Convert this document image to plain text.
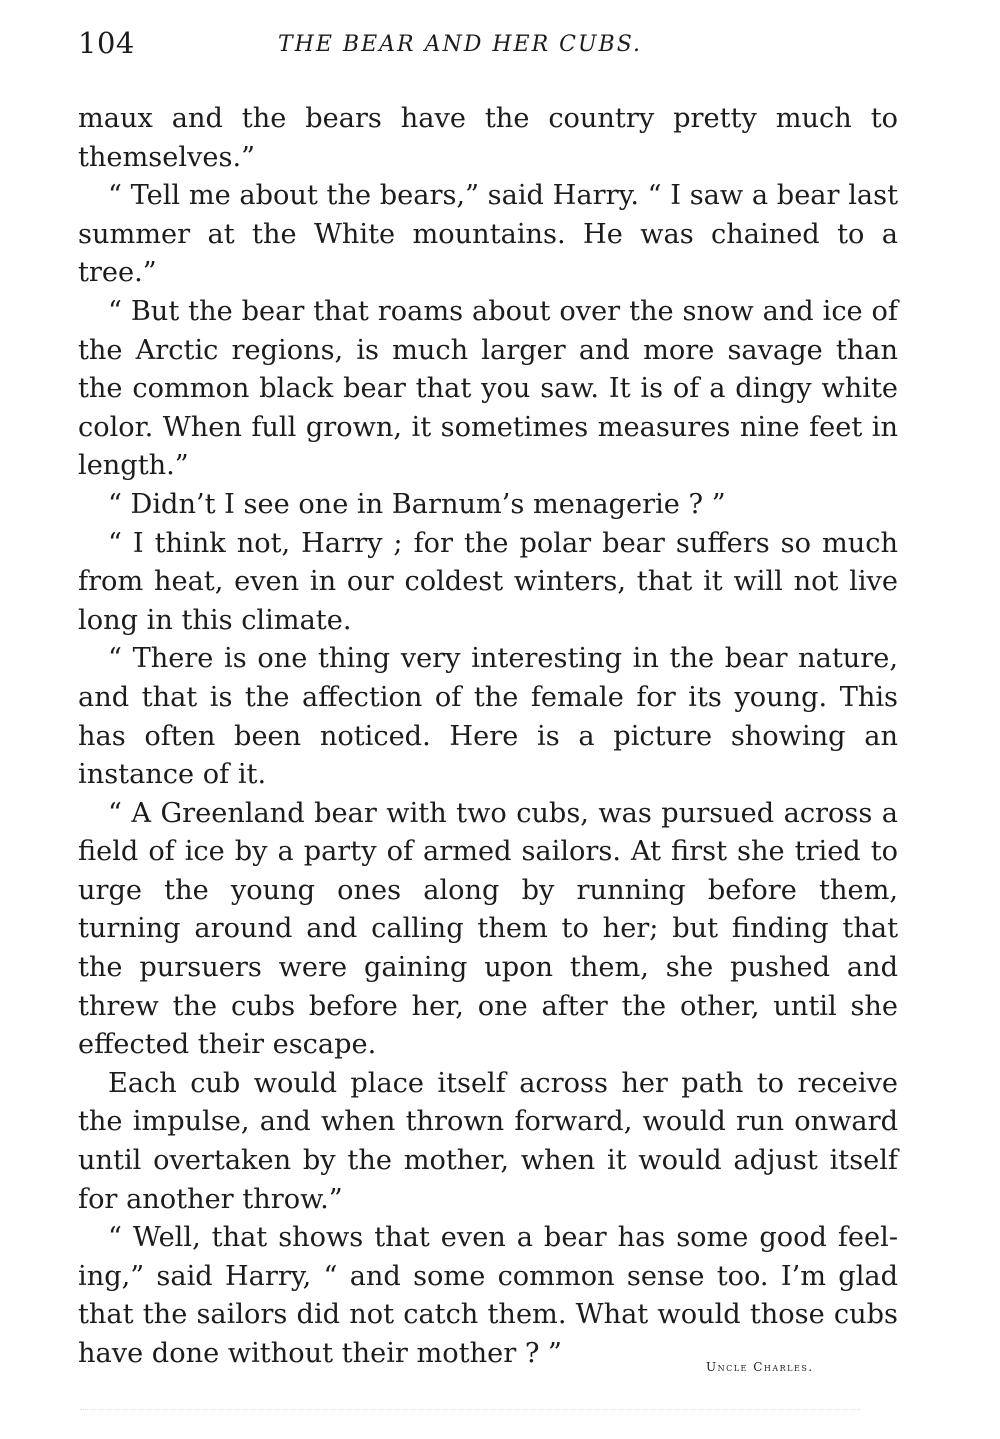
104	THE BEAR AND HER CUBS.

maux and the bears have the country pretty much to themselves.”

“ Tell me about the bears,” said Harry. “ I saw a bear last summer at the White mountains. He was chained to a tree.”

“ But the bear that roams about over the snow and ice of the Arctic regions, is much larger and more savage than the common black bear that you saw. It is of a dingy white color. When full grown, it sometimes measures nine feet in length.”

“ Didn’t I see one in Barnum’s menagerie ? ”

“ I think not, Harry ; for the polar bear suffers so much from heat, even in our coldest winters, that it will not live long in this climate.

“ There is one thing very interesting in the bear nature, and that is the affection of the female for its young. This has often been noticed. Here is a picture showing an instance of it.

“ A Greenland bear with two cubs, was pursued across a field of ice by a party of armed sailors. At first she tried to urge the young ones along by running before them, turning around and calling them to her; but finding that the pursuers were gaining upon them, she pushed and threw the cubs before her, one after the other, until she effected their escape.

Each cub would place itself across her path to receive the impulse, and when thrown forward, would run onward until overtaken by the mother, when it would adjust itself for another throw.”

“ Well, that shows that even a bear has some good feeling,” said Harry, “ and some common sense too. I’m glad that the sailors did not catch them. What would those cubs have done without their mother ? ”	Uncle Charles.
